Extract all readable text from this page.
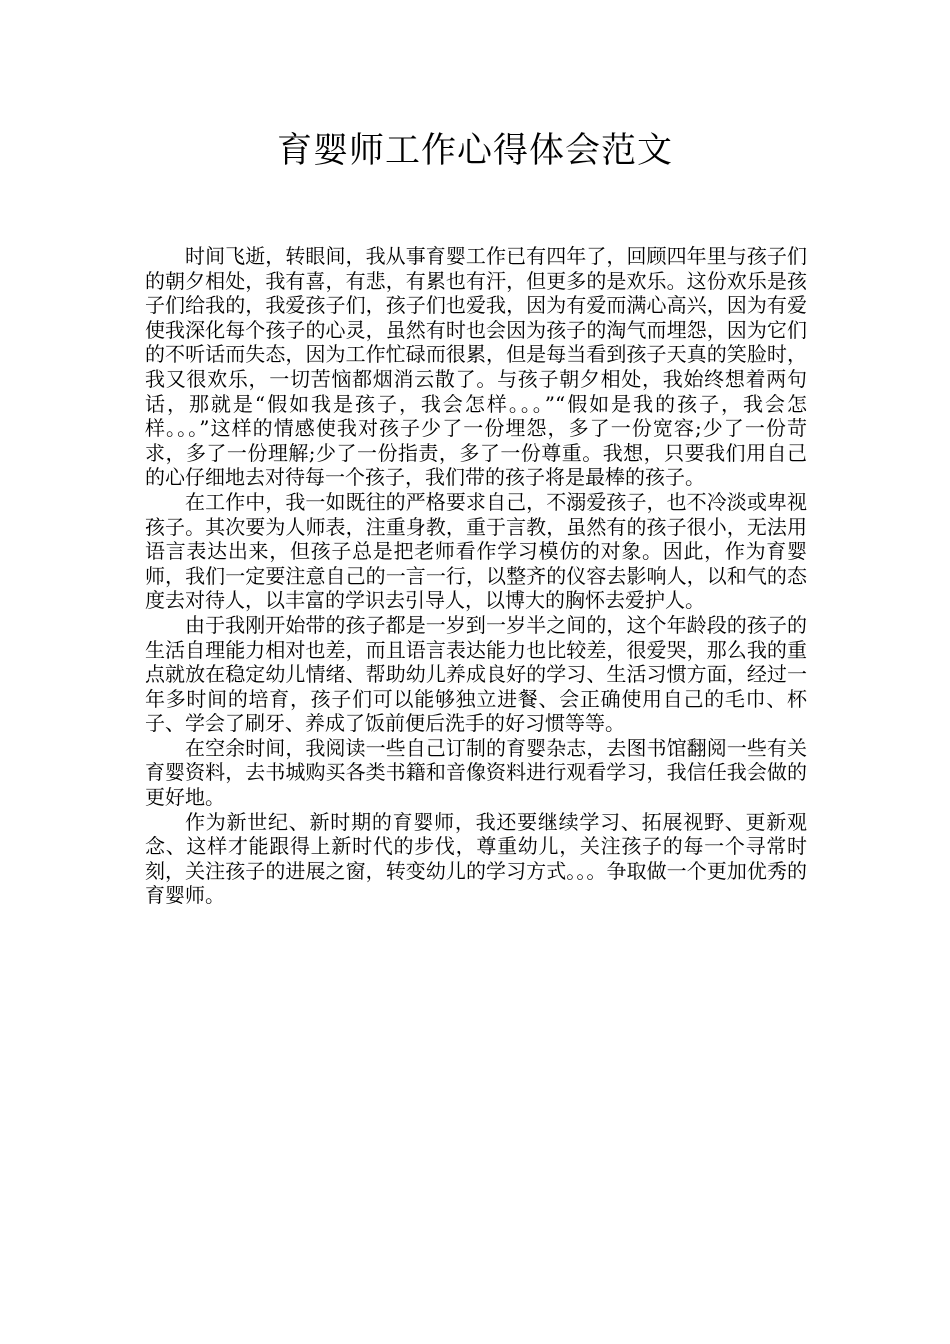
育婴师工作心得体会范文

时间飞逝，转眼间，我从事育婴工作已有四年了，回顾四年里与孩子们的朝夕相处，我有喜，有悲，有累也有汗，但更多的是欢乐。这份欢乐是孩子们给我的，我爱孩子们，孩子们也爱我，因为有爱而满心高兴，因为有爱使我深化每个孩子的心灵，虽然有时也会因为孩子的淘气而埋怨，因为它们的不听话而失态，因为工作忙碌而很累，但是每当看到孩子天真的笑脸时，我又很欢乐，一切苦恼都烟消云散了。与孩子朝夕相处，我始终想着两句话，那就是“假如我是孩子，我会怎样。。。”“假如是我的孩子，我会怎样。。。”这样的情感使我对孩子少了一份埋怨，多了一份宽容;少了一份苛求，多了一份理解;少了一份指责，多了一份尊重。我想，只要我们用自己的心仔细地去对待每一个孩子，我们带的孩子将是最棒的孩子。

在工作中，我一如既往的严格要求自己，不溺爱孩子，也不冷淡或卑视孩子。其次要为人师表，注重身教，重于言教，虽然有的孩子很小，无法用语言表达出来，但孩子总是把老师看作学习模仿的对象。因此，作为育婴师，我们一定要注意自己的一言一行，以整齐的仪容去影响人，以和气的态度去对待人，以丰富的学识去引导人，以博大的胸怀去爱护人。

由于我刚开始带的孩子都是一岁到一岁半之间的，这个年龄段的孩子的生活自理能力相对也差，而且语言表达能力也比较差，很爱哭，那么我的重点就放在稳定幼儿情绪、帮助幼儿养成良好的学习、生活习惯方面，经过一年多时间的培育，孩子们可以能够独立进餐、会正确使用自己的毛巾、杯子、学会了刷牙、养成了饭前便后洗手的好习惯等等。

在空余时间，我阅读一些自己订制的育婴杂志，去图书馆翻阅一些有关育婴资料，去书城购买各类书籍和音像资料进行观看学习，我信任我会做的更好地。

作为新世纪、新时期的育婴师，我还要继续学习、拓展视野、更新观念、这样才能跟得上新时代的步伐，尊重幼儿，关注孩子的每一个寻常时刻，关注孩子的进展之窗，转变幼儿的学习方式。。。争取做一个更加优秀的育婴师。
